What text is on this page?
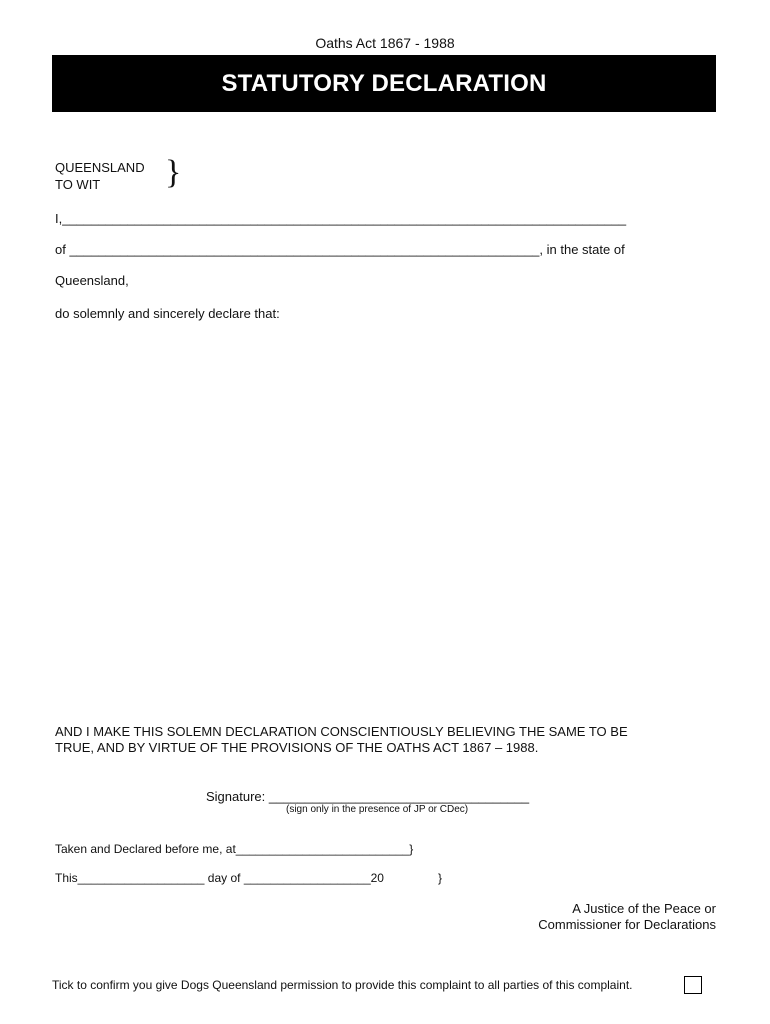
Oaths Act 1867 - 1988
STATUTORY DECLARATION
QUEENSLAND
TO WIT }
I,______________________________________________________________________________
of _________________________________________________________________, in the state of
Queensland,
do solemnly and sincerely declare that:
AND I MAKE THIS SOLEMN DECLARATION CONSCIENTIOUSLY BELIEVING THE SAME TO BE
TRUE, AND BY VIRTUE OF THE PROVISIONS OF THE OATHS ACT 1867 – 1988.
Signature: ____________________________________
(sign only in the presence of JP or CDec)
Taken and Declared before me, at__________________________}
This___________________ day of ___________________20	}
A Justice of the Peace or
Commissioner for Declarations
Tick to confirm you give Dogs Queensland permission to provide this complaint to all parties of this complaint.
